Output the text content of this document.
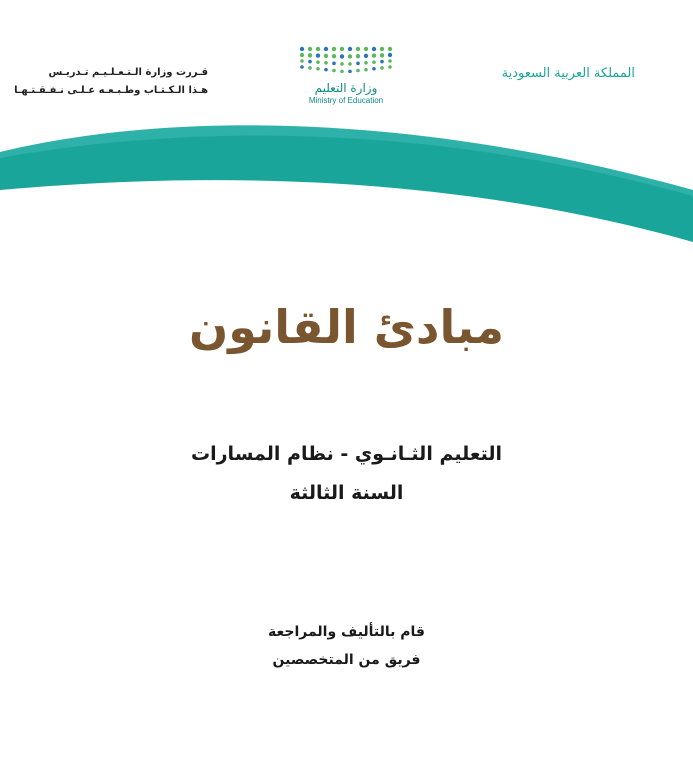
المملكة العربية السعودية
وزارة التعليم
Ministry of Education
قـررت وزارة الـتـعـلـيـم تـدريـس
هـذا الـكـتـاب وطـبـعـه عـلـى نـفـقـتـهـا
مبادئ القانون
التعليم الثـانـوي - نظام المسارات
السنة الثالثة
قام بالتأليف والمراجعة
فريق من المتخصصين
